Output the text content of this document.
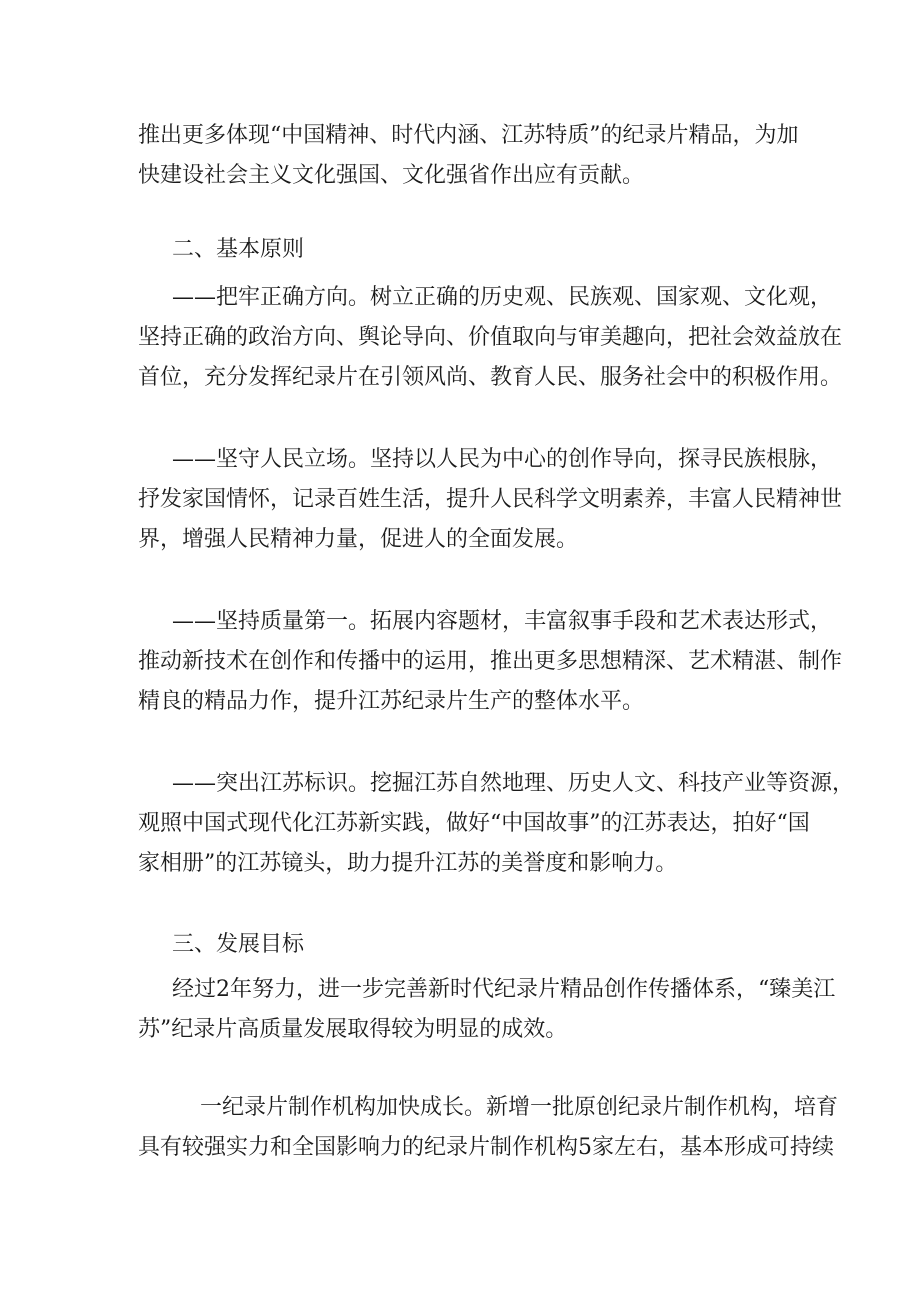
推出更多体现“中国精神、时代内涵、江苏特质”的纪录片精品，为加
快建设社会主义文化强国、文化强省作出应有贡献。
二、基本原则
——把牢正确方向。树立正确的历史观、民族观、国家观、文化观，
坚持正确的政治方向、舆论导向、价值取向与审美趣向，把社会效益放在
首位，充分发挥纪录片在引领风尚、教育人民、服务社会中的积极作用。
——坚守人民立场。坚持以人民为中心的创作导向，探寻民族根脉，
抒发家国情怀，记录百姓生活，提升人民科学文明素养，丰富人民精神世
界，增强人民精神力量，促进人的全面发展。
——坚持质量第一。拓展内容题材，丰富叙事手段和艺术表达形式，
推动新技术在创作和传播中的运用，推出更多思想精深、艺术精湛、制作
精良的精品力作，提升江苏纪录片生产的整体水平。
——突出江苏标识。挖掘江苏自然地理、历史人文、科技产业等资源，
观照中国式现代化江苏新实践，做好“中国故事”的江苏表达，拍好“国
家相册”的江苏镜头，助力提升江苏的美誉度和影响力。
三、发展目标
经过2年努力，进一步完善新时代纪录片精品创作传播体系，“臻美江
苏”纪录片高质量发展取得较为明显的成效。
一纪录片制作机构加快成长。新增一批原创纪录片制作机构，培育
具有较强实力和全国影响力的纪录片制作机构5家左右，基本形成可持续
